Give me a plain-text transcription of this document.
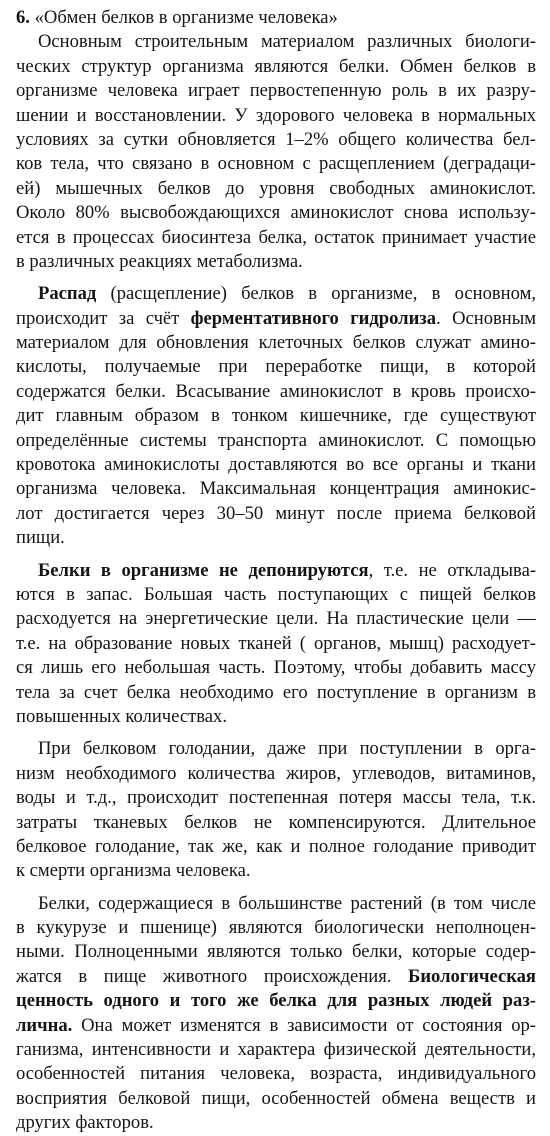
6. «Обмен белков в организме человека»
Основным строительным материалом различных биологи-
ческих структур организма являются белки. Обмен белков в
организме человека играет первостепенную роль в их разру-
шении и восстановлении. У здорового человека в нормальных
условиях за сутки обновляется 1–2% общего количества бел-
ков тела, что связано в основном с расщеплением (деградаци-
ей) мышечных белков до уровня свободных аминокислот.
Около 80% высвобождающихся аминокислот снова использу-
ется в процессах биосинтеза белка, остаток принимает участие
в различных реакциях метаболизма.
Распад (расщепление) белков в организме, в основном,
происходит за счёт ферментативного гидролиза. Основным
материалом для обновления клеточных белков служат амино-
кислоты, получаемые при переработке пищи, в которой
содержатся белки. Всасывание аминокислот в кровь происхо-
дит главным образом в тонком кишечнике, где существуют
определённые системы транспорта аминокислот. С помощью
кровотока аминокислоты доставляются во все органы и ткани
организма человека. Максимальная концентрация аминокис-
лот достигается через 30–50 минут после приема белковой
пищи.
Белки в организме не депонируются, т.е. не откладыва-
ются в запас. Большая часть поступающих с пищей белков
расходуется на энергетические цели. На пластические цели —
т.е. на образование новых тканей ( органов, мышц) расходует-
ся лишь его небольшая часть. Поэтому, чтобы добавить массу
тела за счет белка необходимо его поступление в организм в
повышенных количествах.
При белковом голодании, даже при поступлении в орга-
низм необходимого количества жиров, углеводов, витаминов,
воды и т.д., происходит постепенная потеря массы тела, т.к.
затраты тканевых белков не компенсируются. Длительное
белковое голодание, так же, как и полное голодание приводит
к смерти организма человека.
Белки, содержащиеся в большинстве растений (в том числе
в кукурузе и пшенице) являются биологически неполноцен-
ными. Полноценными являются только белки, которые содер-
жатся в пище животного происхождения. Биологическая
ценность одного и того же белка для разных людей раз-
лична. Она может изменятся в зависимости от состояния ор-
ганизма, интенсивности и характера физической деятельности,
особенностей питания человека, возраста, индивидуального
восприятия белковой пищи, особенностей обмена веществ и
других факторов.
